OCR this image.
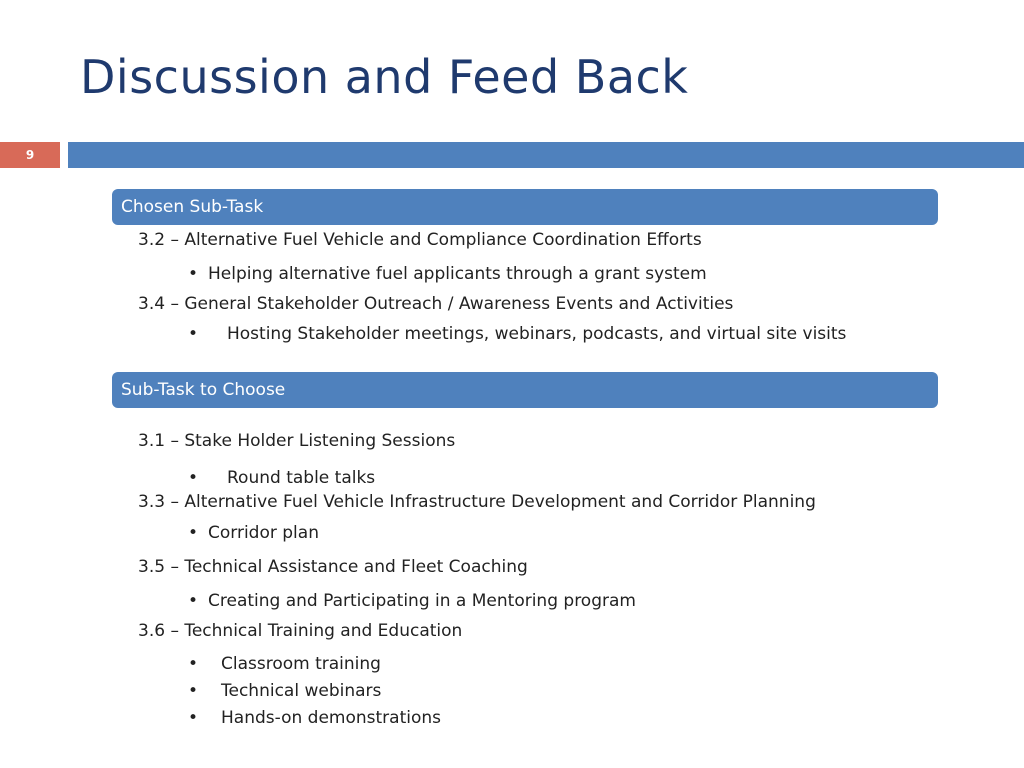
Discussion and Feed Back
9
Chosen Sub-Task
3.2 – Alternative Fuel Vehicle and Compliance Coordination Efforts
• Helping alternative fuel applicants through a grant system
3.4 – General Stakeholder Outreach / Awareness Events and Activities
• Hosting Stakeholder meetings, webinars, podcasts, and virtual site visits
Sub-Task to Choose
3.1 – Stake Holder Listening Sessions
• Round table talks
3.3 – Alternative Fuel Vehicle Infrastructure Development and Corridor Planning
• Corridor plan
3.5 – Technical Assistance and Fleet Coaching
• Creating and Participating in a Mentoring program
3.6 – Technical Training and Education
• Classroom training
• Technical webinars
• Hands-on demonstrations
